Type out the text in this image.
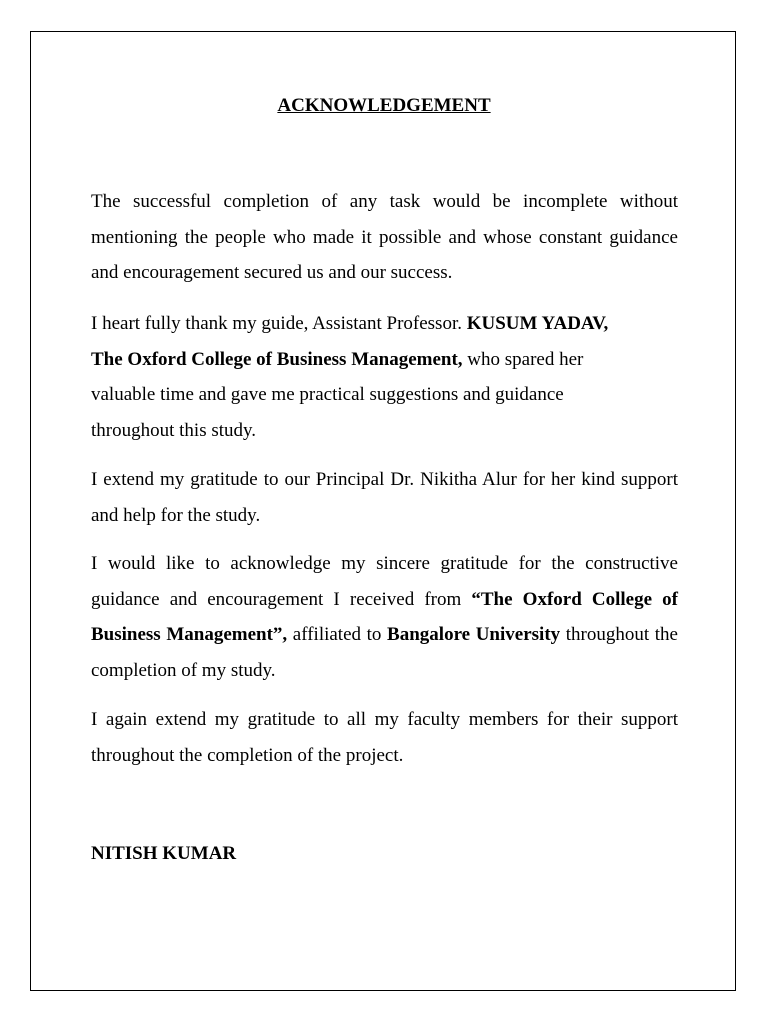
ACKNOWLEDGEMENT
The successful completion of any task would be incomplete without mentioning the people who made it possible and whose constant guidance and encouragement secured us and our success.
I heart fully thank my guide, Assistant Professor. KUSUM YADAV,
The Oxford College of Business Management, who spared her
valuable time and gave me practical suggestions and guidance
throughout this study.
I extend my gratitude to our Principal Dr. Nikitha Alur for her kind support and help for the study.
I would like to acknowledge my sincere gratitude for the constructive guidance and encouragement I received from “The Oxford College of Business Management”, affiliated to Bangalore University throughout the completion of my study.
I again extend my gratitude to all my faculty members for their support throughout the completion of the project.
NITISH KUMAR
